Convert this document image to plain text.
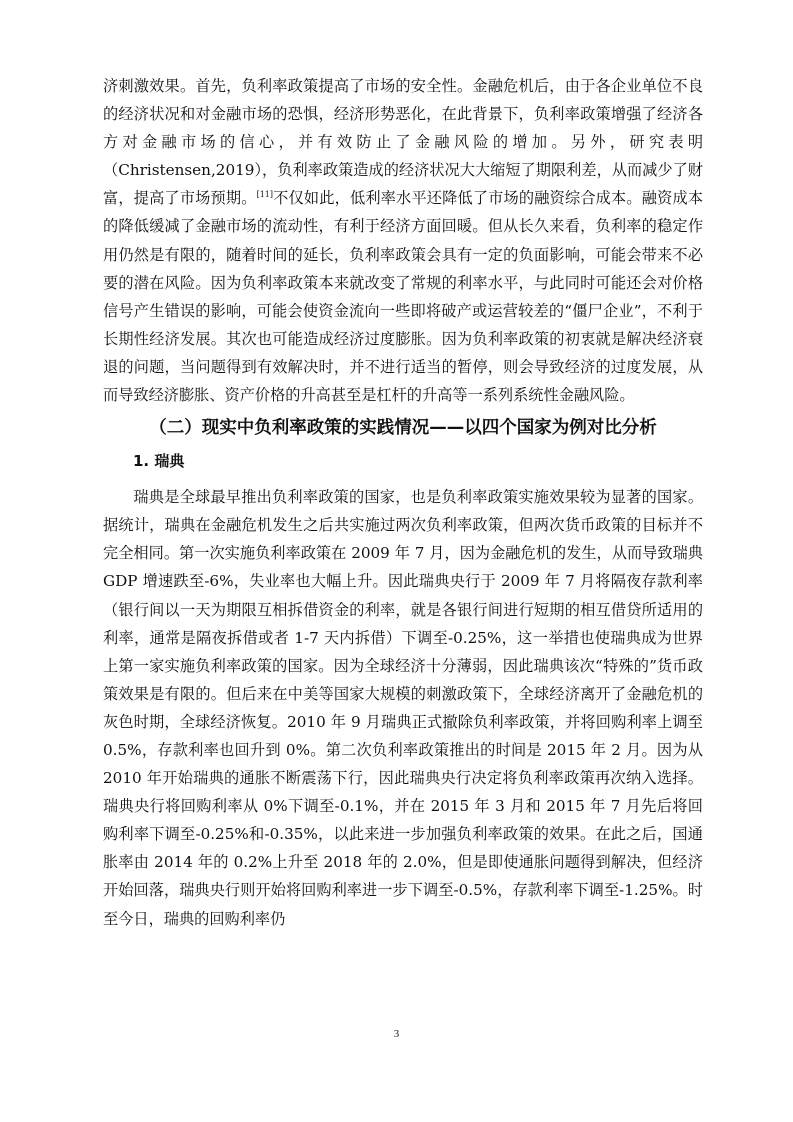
济刺激效果。首先，负利率政策提高了市场的安全性。金融危机后，由于各企业单位不良的经济状况和对金融市场的恐惧，经济形势恶化，在此背景下，负利率政策增强了经济各方对金融市场的信心，并有效防止了金融风险的增加。另外，研究表明（Christensen,2019），负利率政策造成的经济状况大大缩短了期限利差，从而减少了财富，提高了市场预期。[11]不仅如此，低利率水平还降低了市场的融资综合成本。融资成本的降低缓减了金融市场的流动性，有利于经济方面回暖。但从长久来看，负利率的稳定作用仍然是有限的，随着时间的延长，负利率政策会具有一定的负面影响，可能会带来不必要的潜在风险。因为负利率政策本来就改变了常规的利率水平，与此同时可能还会对价格信号产生错误的影响，可能会使资金流向一些即将破产或运营较差的“僵尸企业”，不利于长期性经济发展。其次也可能造成经济过度膨胀。因为负利率政策的初衷就是解决经济衰退的问题，当问题得到有效解决时，并不进行适当的暂停，则会导致经济的过度发展，从而导致经济膨胀、资产价格的升高甚至是杠杆的升高等一系列系统性金融风险。

（二）现实中负利率政策的实践情况——以四个国家为例对比分析
1. 瑞典

瑞典是全球最早推出负利率政策的国家，也是负利率政策实施效果较为显著的国家。据统计，瑞典在金融危机发生之后共实施过两次负利率政策，但两次货币政策的目标并不完全相同。第一次实施负利率政策在 2009 年 7 月，因为金融危机的发生，从而导致瑞典 GDP 增速跌至-6%，失业率也大幅上升。因此瑞典央行于 2009 年 7 月将隔夜存款利率（银行间以一天为期限互相拆借资金的利率，就是各银行间进行短期的相互借贷所适用的利率，通常是隔夜拆借或者 1-7 天内拆借）下调至-0.25%，这一举措也使瑞典成为世界上第一家实施负利率政策的国家。因为全球经济十分薄弱，因此瑞典该次“特殊的”货币政策效果是有限的。但后来在中美等国家大规模的刺激政策下，全球经济离开了金融危机的灰色时期，全球经济恢复。2010 年 9 月瑞典正式撤除负利率政策，并将回购利率上调至 0.5%，存款利率也回升到 0%。第二次负利率政策推出的时间是 2015 年 2 月。因为从 2010 年开始瑞典的通胀不断震荡下行，因此瑞典央行决定将负利率政策再次纳入选择。瑞典央行将回购利率从 0%下调至-0.1%，并在 2015 年 3 月和 2015 年 7 月先后将回购利率下调至-0.25%和-0.35%，以此来进一步加强负利率政策的效果。在此之后，国通胀率由 2014 年的 0.2%上升至 2018 年的 2.0%，但是即使通胀问题得到解决，但经济开始回落，瑞典央行则开始将回购利率进一步下调至-0.5%，存款利率下调至-1.25%。时至今日，瑞典的回购利率仍

3
